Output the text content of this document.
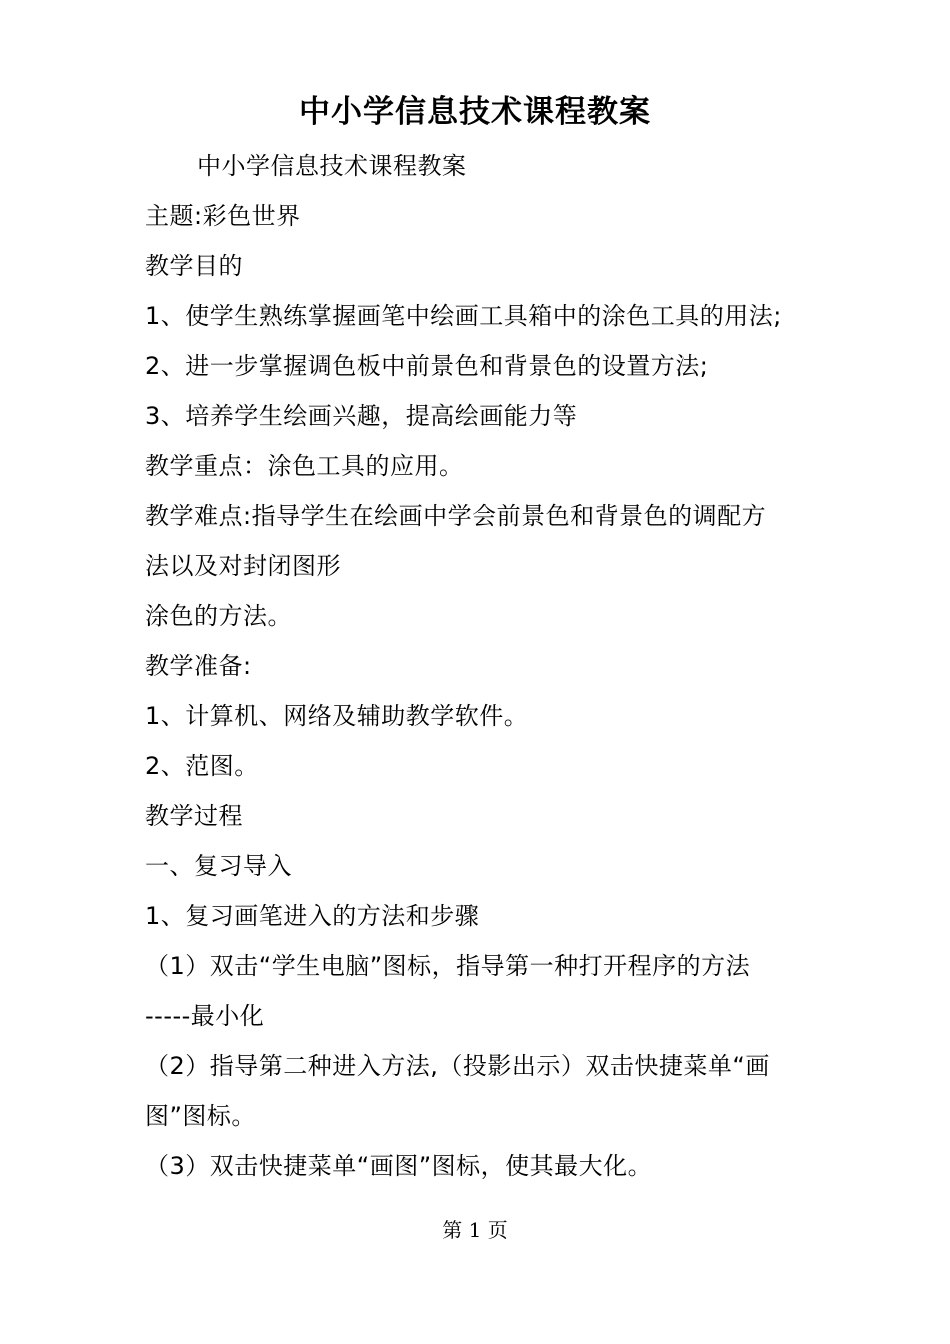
中小学信息技术课程教案
中小学信息技术课程教案
主题:彩色世界
教学目的
1、使学生熟练掌握画笔中绘画工具箱中的涂色工具的用法;
2、进一步掌握调色板中前景色和背景色的设置方法;
3、培养学生绘画兴趣，提高绘画能力等
教学重点：涂色工具的应用。
教学难点:指导学生在绘画中学会前景色和背景色的调配方
法以及对封闭图形
涂色的方法。
教学准备:
1、计算机、网络及辅助教学软件。
2、范图。
教学过程
一、复习导入
1、复习画笔进入的方法和步骤
（1）双击“学生电脑”图标，指导第一种打开程序的方法
-----最小化
（2）指导第二种进入方法,（投影出示）双击快捷菜单“画
图”图标。
（3）双击快捷菜单“画图”图标，使其最大化。
第 1 页
